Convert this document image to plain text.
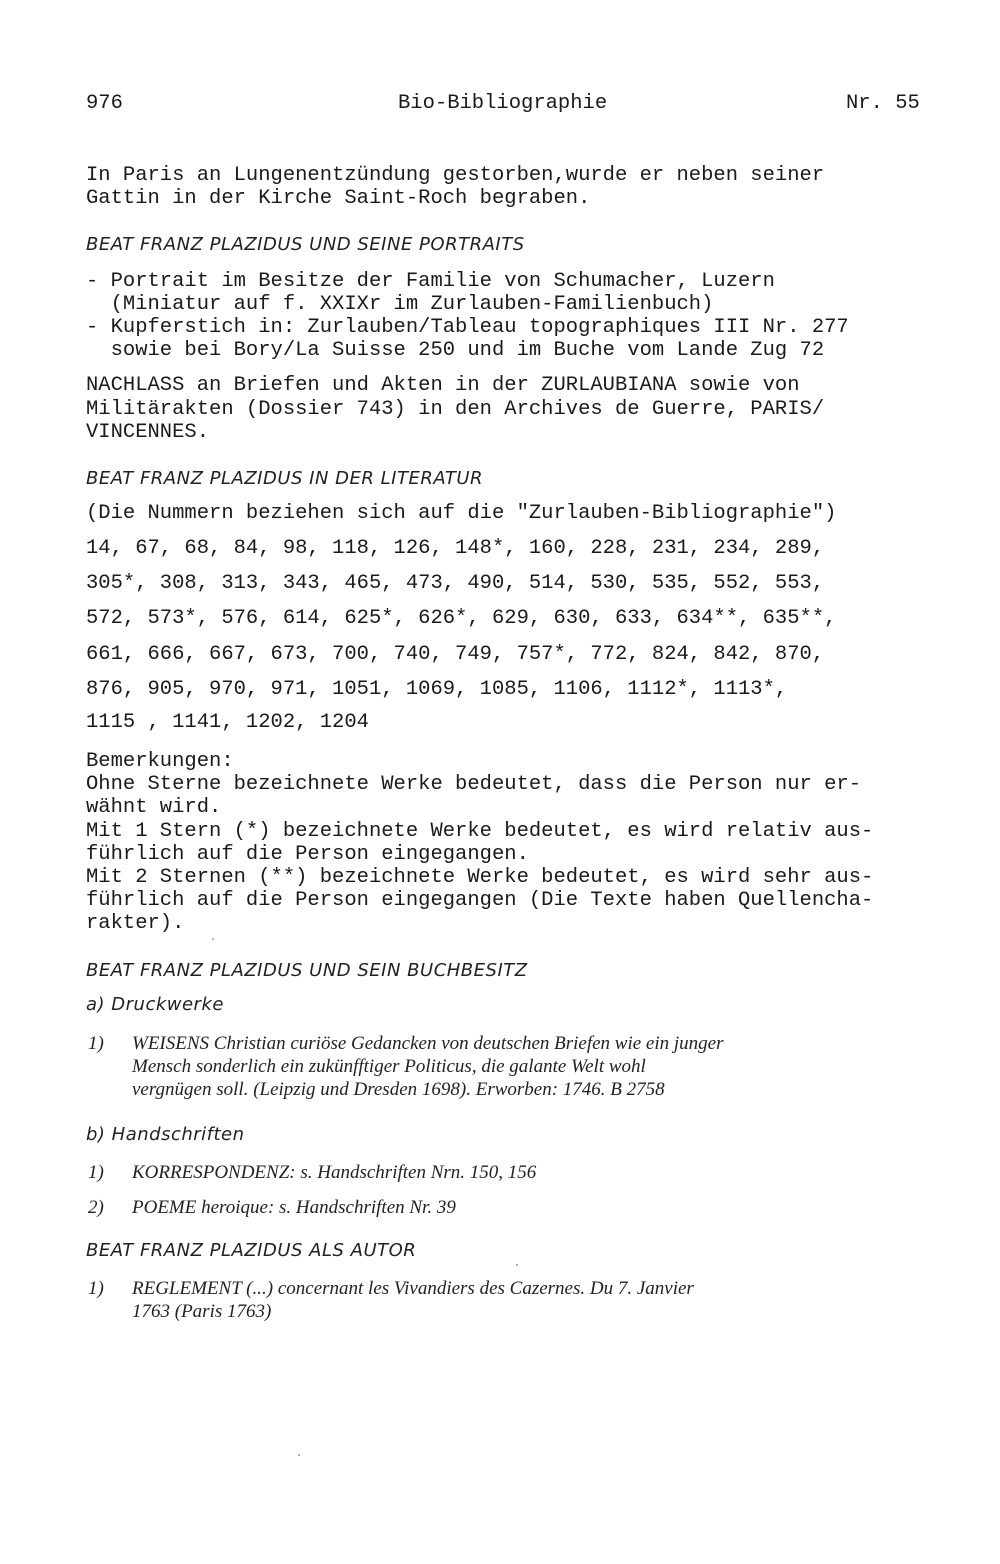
976	Bio-Bibliographie	Nr. 55
In Paris an Lungenentzündung gestorben,wurde er neben seiner
Gattin in der Kirche Saint-Roch begraben.
BEAT FRANZ PLAZIDUS UND SEINE PORTRAITS
- Portrait im Besitze der Familie von Schumacher, Luzern
(Miniatur auf f. XXIXr im Zurlauben-Familienbuch)
- Kupferstich in: Zurlauben/Tableau topographiques III Nr. 277
sowie bei Bory/La Suisse 250 und im Buche vom Lande Zug 72
NACHLASS an Briefen und Akten in der ZURLAUBIANA sowie von
Militärakten (Dossier 743) in den Archives de Guerre, PARIS/
VINCENNES.
BEAT FRANZ PLAZIDUS IN DER LITERATUR
(Die Nummern beziehen sich auf die "Zurlauben-Bibliographie")
14, 67, 68, 84, 98, 118, 126, 148*, 160, 228, 231, 234, 289,
305*, 308, 313, 343, 465, 473, 490, 514, 530, 535, 552, 553,
572, 573*, 576, 614, 625*, 626*, 629, 630, 633, 634**, 635**,
661, 666, 667, 673, 700, 740, 749, 757*, 772, 824, 842, 870,
876, 905, 970, 971, 1051, 1069, 1085, 1106, 1112*, 1113*,
1115 , 1141, 1202, 1204
Bemerkungen:
Ohne Sterne bezeichnete Werke bedeutet, dass die Person nur er-
wähnt wird.
Mit 1 Stern (*) bezeichnete Werke bedeutet, es wird relativ aus-
führlich auf die Person eingegangen.
Mit 2 Sternen (**) bezeichnete Werke bedeutet, es wird sehr aus-
führlich auf die Person eingegangen (Die Texte haben Quellencha-
rakter).
BEAT FRANZ PLAZIDUS UND SEIN BUCHBESITZ
a) Druckwerke
1) WEISENS Christian curiöse Gedancken von deutschen Briefen wie ein junger
Mensch sonderlich ein zukünfftiger Politicus, die galante Welt wohl
vergnügen soll. (Leipzig und Dresden 1698). Erworben: 1746. B 2758
b) Handschriften
1) KORRESPONDENZ: s. Handschriften Nrn. 150, 156
2) POEME heroique: s. Handschriften Nr. 39
BEAT FRANZ PLAZIDUS ALS AUTOR
1) REGLEMENT (...) concernant les Vivandiers des Cazernes. Du 7. Janvier
1763 (Paris 1763)
